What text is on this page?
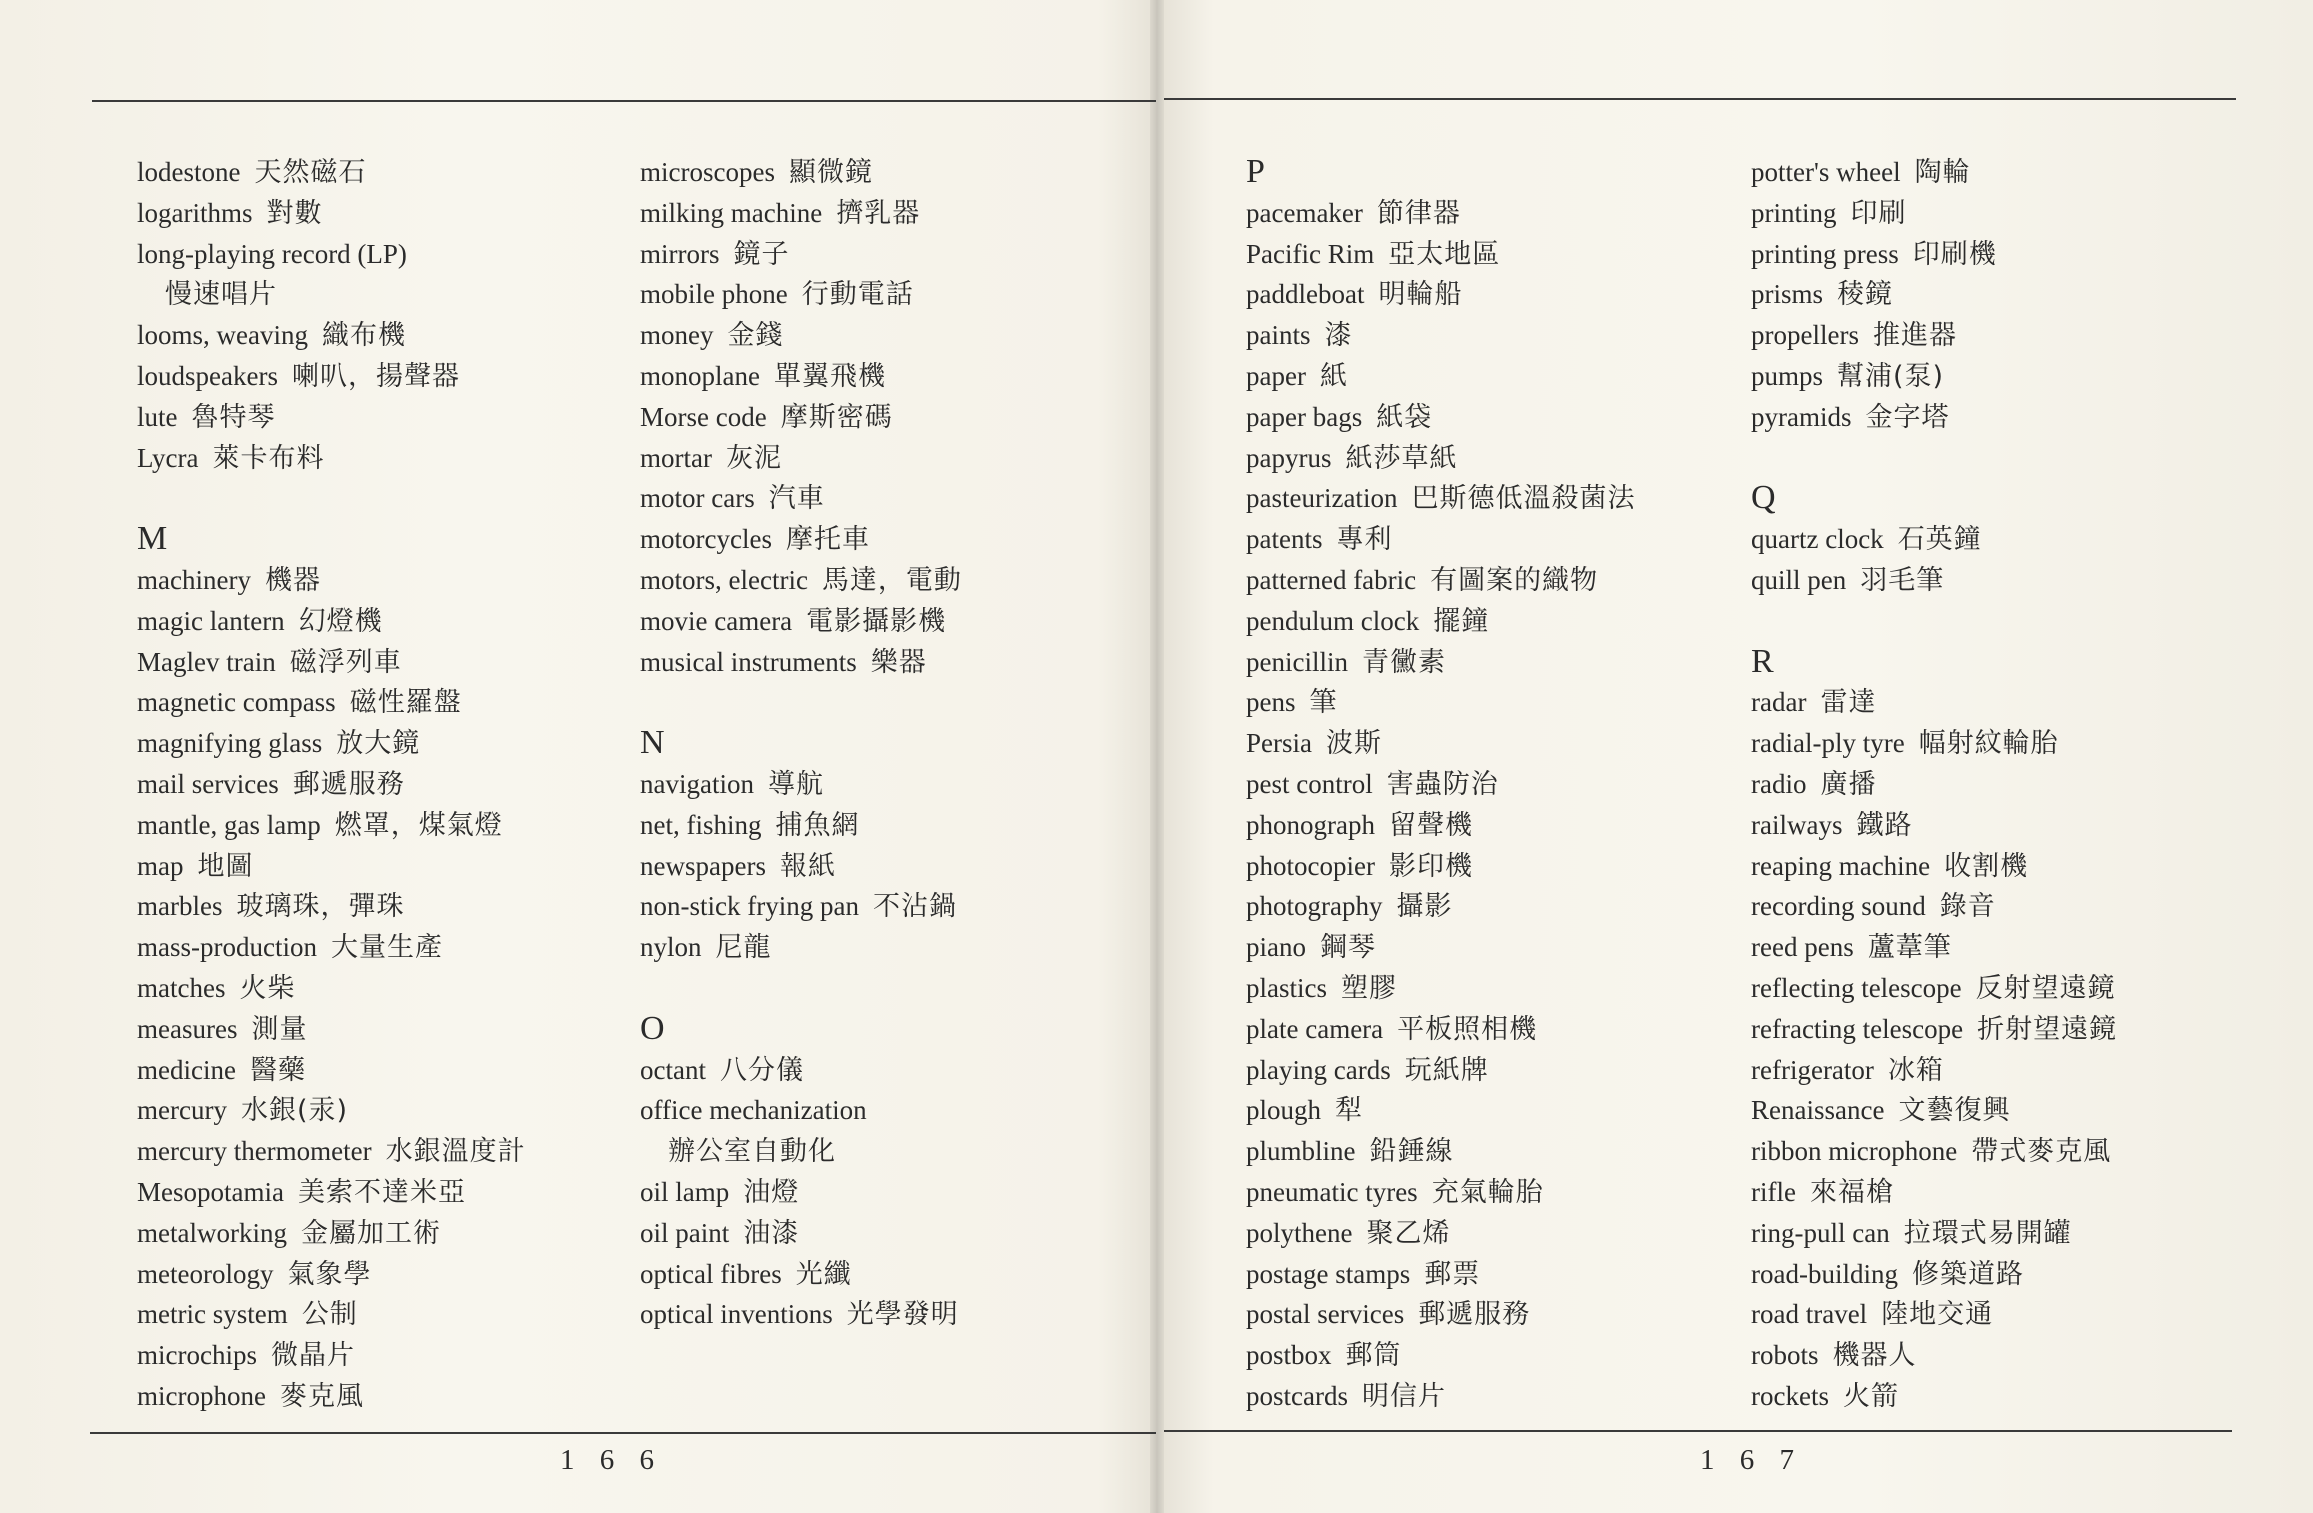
lodestone 天然磁石
logarithms 對數
long-playing record (LP)
慢速唱片
looms, weaving 織布機
loudspeakers 喇叭，揚聲器
lute 魯特琴
Lycra 萊卡布料
M
machinery 機器
magic lantern 幻燈機
Maglev train 磁浮列車
magnetic compass 磁性羅盤
magnifying glass 放大鏡
mail services 郵遞服務
mantle, gas lamp 燃罩，煤氣燈
map 地圖
marbles 玻璃珠，彈珠
mass-production 大量生產
matches 火柴
measures 測量
medicine 醫藥
mercury 水銀(汞)
mercury thermometer 水銀溫度計
Mesopotamia 美索不達米亞
metalworking 金屬加工術
meteorology 氣象學
metric system 公制
microchips 微晶片
microphone 麥克風
microscopes 顯微鏡
milking machine 擠乳器
mirrors 鏡子
mobile phone 行動電話
money 金錢
monoplane 單翼飛機
Morse code 摩斯密碼
mortar 灰泥
motor cars 汽車
motorcycles 摩托車
motors, electric 馬達，電動
movie camera 電影攝影機
musical instruments 樂器
N
navigation 導航
net, fishing 捕魚網
newspapers 報紙
non-stick frying pan 不沾鍋
nylon 尼龍
O
octant 八分儀
office mechanization
辦公室自動化
oil lamp 油燈
oil paint 油漆
optical fibres 光纖
optical inventions 光學發明
P
pacemaker 節律器
Pacific Rim 亞太地區
paddleboat 明輪船
paints 漆
paper 紙
paper bags 紙袋
papyrus 紙莎草紙
pasteurization 巴斯德低溫殺菌法
patents 專利
patterned fabric 有圖案的織物
pendulum clock 擺鐘
penicillin 青黴素
pens 筆
Persia 波斯
pest control 害蟲防治
phonograph 留聲機
photocopier 影印機
photography 攝影
piano 鋼琴
plastics 塑膠
plate camera 平板照相機
playing cards 玩紙牌
plough 犁
plumbline 鉛錘線
pneumatic tyres 充氣輪胎
polythene 聚乙烯
postage stamps 郵票
postal services 郵遞服務
postbox 郵筒
postcards 明信片
potter's wheel 陶輪
printing 印刷
printing press 印刷機
prisms 稜鏡
propellers 推進器
pumps 幫浦(泵)
pyramids 金字塔
Q
quartz clock 石英鐘
quill pen 羽毛筆
R
radar 雷達
radial-ply tyre 幅射紋輪胎
radio 廣播
railways 鐵路
reaping machine 收割機
recording sound 錄音
reed pens 蘆葦筆
reflecting telescope 反射望遠鏡
refracting telescope 折射望遠鏡
refrigerator 冰箱
Renaissance 文藝復興
ribbon microphone 帶式麥克風
rifle 來福槍
ring-pull can 拉環式易開罐
road-building 修築道路
road travel 陸地交通
robots 機器人
rockets 火箭
1 6 6	1 6 7
